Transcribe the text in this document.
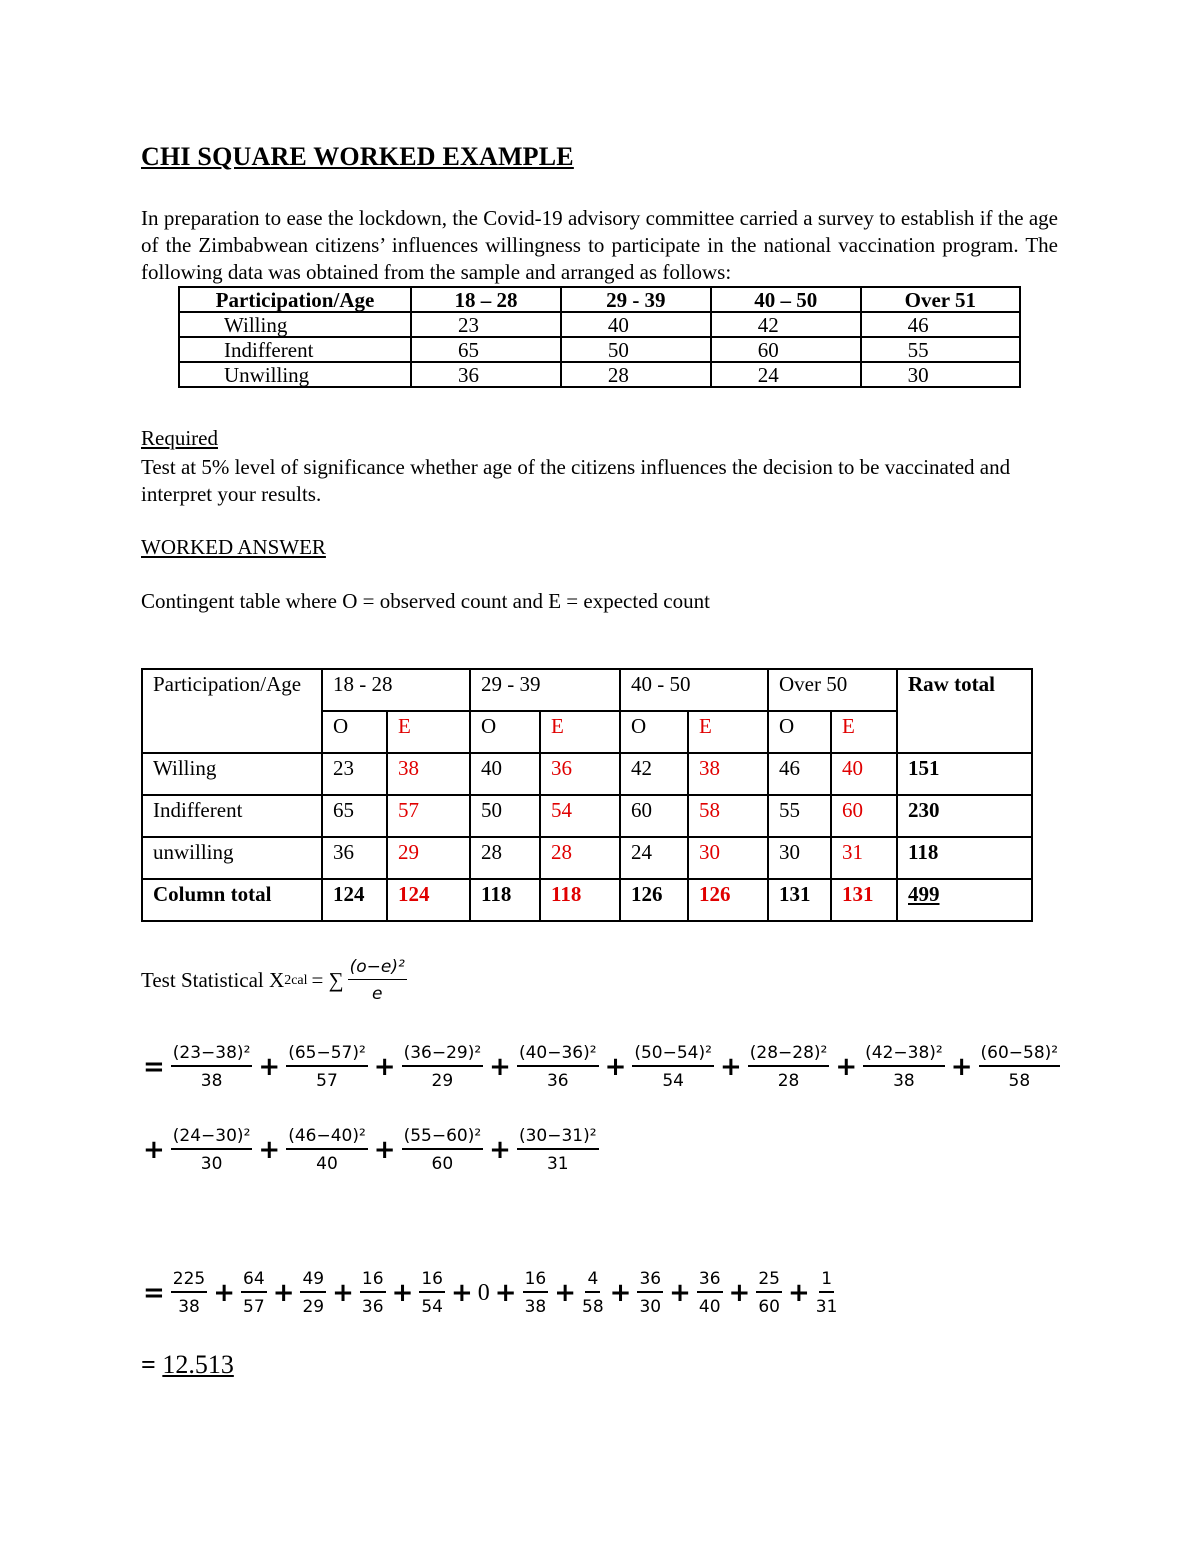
CHI SQUARE WORKED EXAMPLE

In preparation to ease the lockdown, the Covid-19 advisory committee carried a survey to establish if the age of the Zimbabwean citizens’ influences willingness to participate in the national vaccination program. The following data was obtained from the sample and arranged as follows:

Participation/Age	18 – 28	29 - 39	40 – 50	Over 51
Willing	23	40	42	46
Indifferent	65	50	60	55
Unwilling	36	28	24	30

Required

Test at 5% level of significance whether age of the citizens influences the decision to be vaccinated and interpret your results.

WORKED ANSWER

Contingent table where O = observed count and E = expected count

Participation/Age	18 - 28		29 - 39		40 - 50		Over 50		Raw total
	O	E	O	E	O	E	O	E	
Willing	23	38	40	36	42	38	46	40	151
Indifferent	65	57	50	54	60	58	55	60	230
unwilling	36	29	28	28	24	30	30	31	118
Column total	124	124	118	118	126	126	131	131	499
Test Statistical X 2 cal = ∑ $\frac{\text{(o−e)²}}{e}$
= $\frac{\text{(23−38)²}}{38} + \frac{\text{(65−57)²}}{57} + \frac{\text{(36−29)²}}{29} + \frac{\text{(40−36)²}}{36} + \frac{\text{(50−54)²}}{54} + \frac{\text{(28−28)²}}{28} + \frac{\text{(42−38)²}}{38} + \frac{\text{(60−58)²}}{58}$
+ $\frac{\text{(24−30)²}}{30} + \frac{\text{(46−40)²}}{40} + \frac{\text{(55−60)²}}{60} + \frac{\text{(30−31)²}}{31}$
= $\frac{225}{38} + \frac{64}{57} + \frac{49}{29} + \frac{16}{36} + \frac{16}{54} + 0 + \frac{16}{38} + \frac{4}{58} + \frac{36}{30} + \frac{36}{40} + \frac{25}{60} + \frac{1}{31}$
= 12.513
